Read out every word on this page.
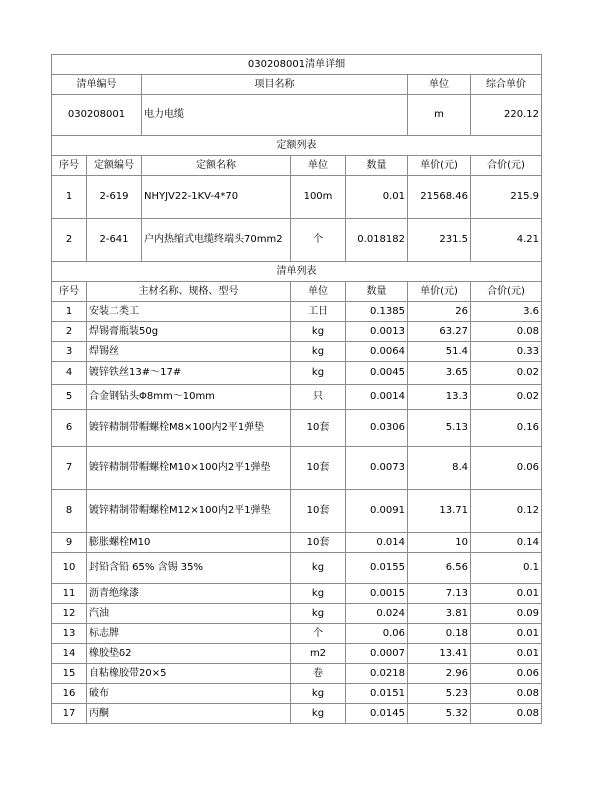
030208001清单详细						
清单编号		项目名称			单位	综合单价
030208001		电力电缆			m	220.12
定额列表						
序号	定额编号	定额名称	单位	数量	单价(元)	合价(元)
1	2-619	NHYJV22-1KV-4*70	100m	0.01	21568.46	215.9
2	2-641	户内热缩式电缆终端头70mm2	个	0.018182	231.5	4.21
清单列表						
序号	主材名称、规格、型号		单位	数量	单价(元)	合价(元)
1	安装二类工		工日	0.1385	26	3.6
2	焊锡膏瓶装50g		kg	0.0013	63.27	0.08
3	焊锡丝		kg	0.0064	51.4	0.33
4	镀锌铁丝13#～17#		kg	0.0045	3.65	0.02
5	合金钢钻头Φ8mm～10mm		只	0.0014	13.3	0.02
6	镀锌精制带帽螺栓M8×100内2平1弹垫		10套	0.0306	5.13	0.16
7	镀锌精制带帽螺栓M10×100内2平1弹垫		10套	0.0073	8.4	0.06
8	镀锌精制带帽螺栓M12×100内2平1弹垫		10套	0.0091	13.71	0.12
9	膨胀螺栓M10		10套	0.014	10	0.14
10	封铅含铅 65% 含锡 35%		kg	0.0155	6.56	0.1
11	沥青绝缘漆		kg	0.0015	7.13	0.01
12	汽油		kg	0.024	3.81	0.09
13	标志牌		个	0.06	0.18	0.01
14	橡胶垫δ2		m2	0.0007	13.41	0.01
15	自粘橡胶带20×5		卷	0.0218	2.96	0.06
16	破布		kg	0.0151	5.23	0.08
17	丙酮		kg	0.0145	5.32	0.08
